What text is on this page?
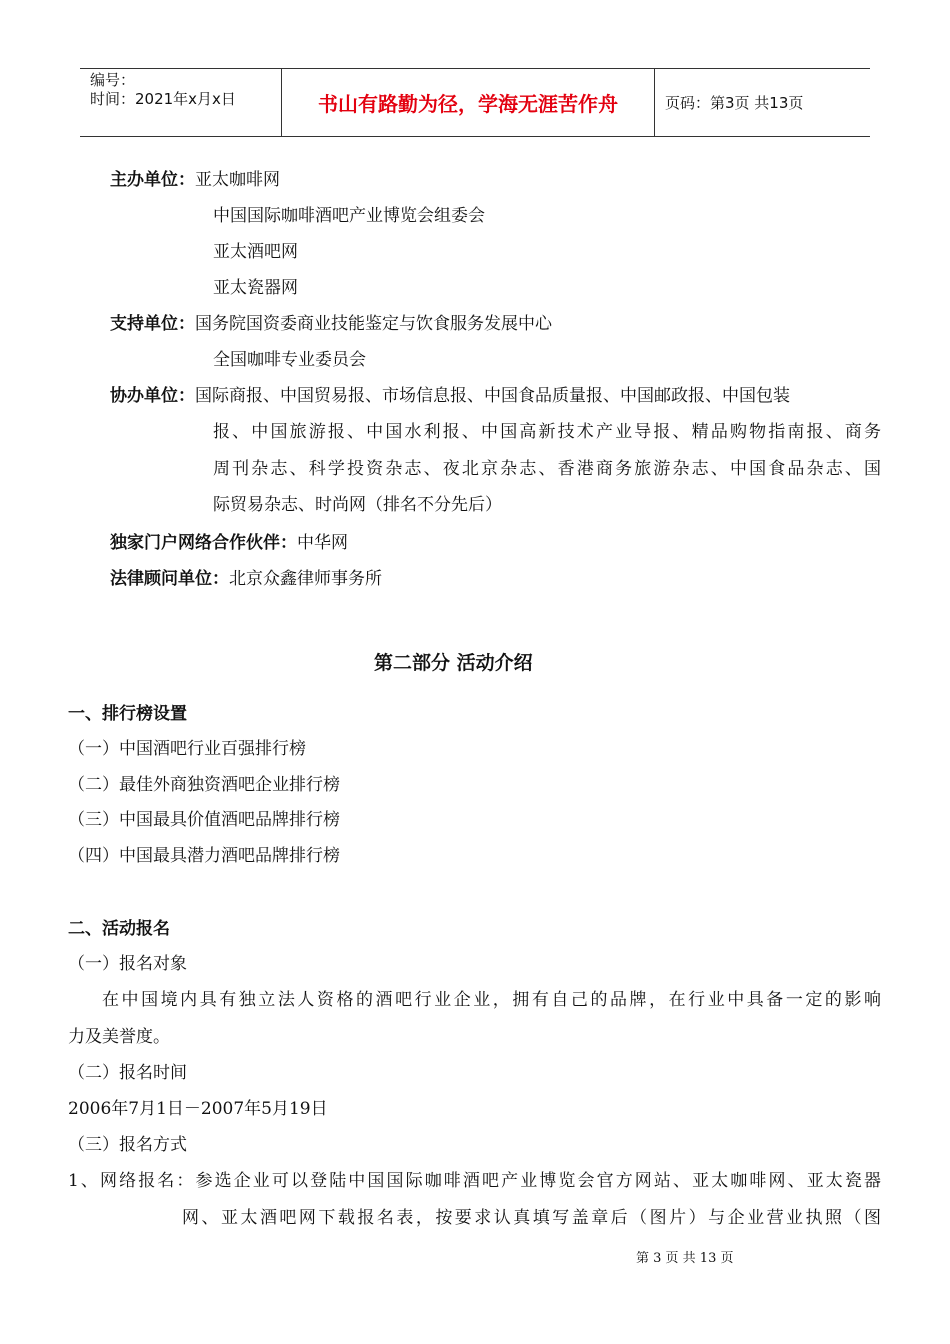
编号：
时间：2021年x月x日	书山有路勤为径，学海无涯苦作舟	页码：第3页 共13页
主办单位：亚太咖啡网
中国国际咖啡酒吧产业博览会组委会
亚太酒吧网
亚太瓷器网
支持单位：国务院国资委商业技能鉴定与饮食服务发展中心
全国咖啡专业委员会
协办单位：国际商报、中国贸易报、市场信息报、中国食品质量报、中国邮政报、中国包装
报、中国旅游报、中国水利报、中国高新技术产业导报、精品购物指南报、商务
周刊杂志、科学投资杂志、夜北京杂志、香港商务旅游杂志、中国食品杂志、国
际贸易杂志、时尚网（排名不分先后）
独家门户网络合作伙伴：中华网
法律顾问单位：北京众鑫律师事务所
第二部分 活动介绍
一、排行榜设置
（一）中国酒吧行业百强排行榜
（二）最佳外商独资酒吧企业排行榜
（三）中国最具价值酒吧品牌排行榜
（四）中国最具潜力酒吧品牌排行榜
二、活动报名
（一）报名对象
在中国境内具有独立法人资格的酒吧行业企业，拥有自己的品牌，在行业中具备一定的影响
力及美誉度。
（二）报名时间
2006年7月1日－2007年5月19日
（三）报名方式
1、网络报名：参选企业可以登陆中国国际咖啡酒吧产业博览会官方网站、亚太咖啡网、亚太瓷器
网、亚太酒吧网下载报名表，按要求认真填写盖章后（图片）与企业营业执照（图
第 3 页 共 13 页
